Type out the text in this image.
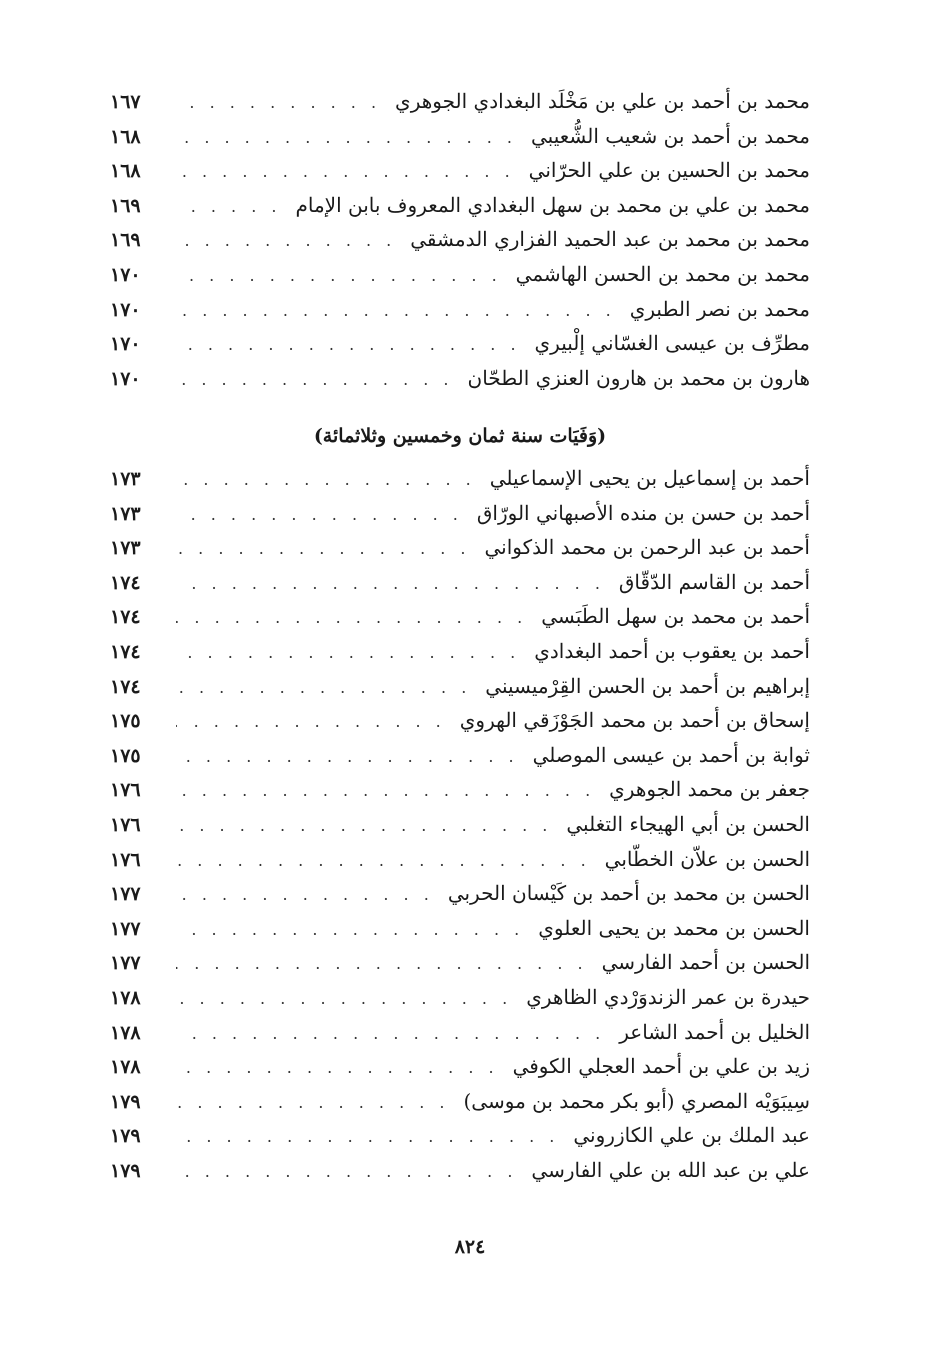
محمد بن أحمد بن علي بن مَخْلَد البغدادي الجوهري
. . .
١٦٧
محمد بن أحمد بن شعيب الشُّعيبي
. . .
١٦٨
محمد بن الحسين بن علي الحرّاني
. . .
١٦٨
محمد بن علي بن محمد بن سهل البغدادي المعروف بابن الإمام
. . .
١٦٩
محمد بن محمد بن عبد الحميد الفزاري الدمشقي
. . .
١٦٩
محمد بن محمد بن الحسن الهاشمي
. . .
١٧٠
محمد بن نصر الطبري
. . .
١٧٠
مطرِّف بن عيسى الغسّاني إلْبيري
. . .
١٧٠
هارون بن محمد بن هارون العنزي الطحّان
. . .
١٧٠
(وَفَيَات سنة ثمان وخمسين وثلاثمائة)
أحمد بن إسماعيل بن يحيى الإسماعيلي
. . .
١٧٣
أحمد بن حسن بن منده الأصبهاني الورّاق
. . .
١٧٣
أحمد بن عبد الرحمن بن محمد الذكواني
. . .
١٧٣
أحمد بن القاسم الدّقّاق
. . .
١٧٤
أحمد بن محمد بن سهل الطَبَسي
. . .
١٧٤
أحمد بن يعقوب بن أحمد البغدادي
. . .
١٧٤
إبراهيم بن أحمد بن الحسن القِرْميسيني
. . .
١٧٤
إسحاق بن أحمد بن محمد الجَوْزَقي الهروي
. . .
١٧٥
ثوابة بن أحمد بن عيسى الموصلي
. . .
١٧٥
جعفر بن محمد الجوهري
. . .
١٧٦
الحسن بن أبي الهيجاء التغلبي
. . .
١٧٦
الحسن بن علاّن الخطّابي
. . .
١٧٦
الحسن بن محمد بن أحمد بن كَيْسان الحربي
. . .
١٧٧
الحسن بن محمد بن يحيى العلوي
. . .
١٧٧
الحسن بن أحمد الفارسي
. . .
١٧٧
حيدرة بن عمر الزندوَرْدي الظاهري
. . .
١٧٨
الخليل بن أحمد الشاعر
. . .
١٧٨
زيد بن علي بن أحمد العجلي الكوفي
. . .
١٧٨
سِيبَوَيْه المصري (أبو بكر محمد بن موسى)
. . .
١٧٩
عبد الملك بن علي الكازروني
. . .
١٧٩
علي بن عبد الله بن علي الفارسي
. . .
١٧٩
٨٢٤
